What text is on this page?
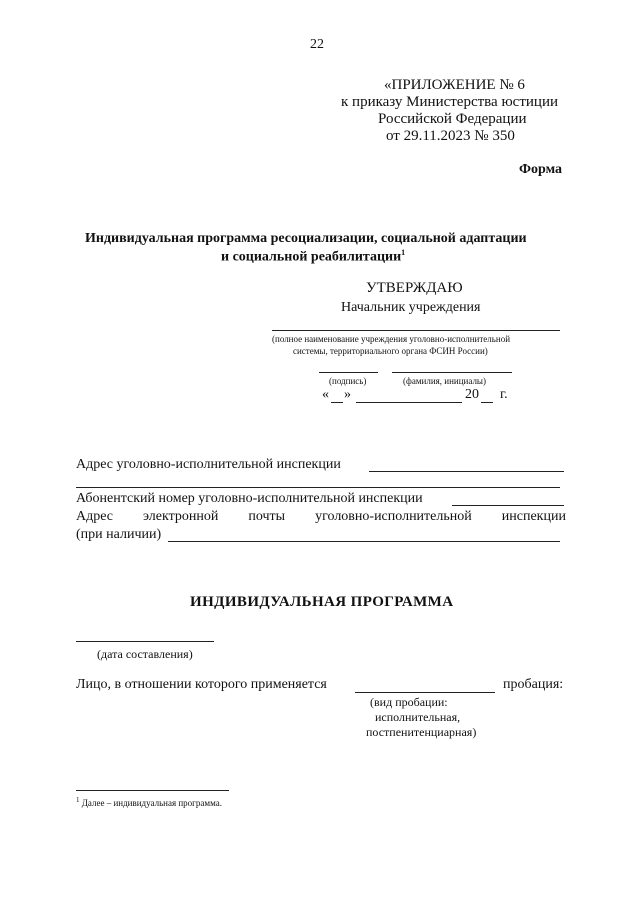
22
«ПРИЛОЖЕНИЕ № 6
к приказу Министерства юстиции
Российской Федерации
от 29.11.2023 № 350
Форма
Индивидуальная программа ресоциализации, социальной адаптации
и социальной реабилитации$^1$
УТВЕРЖДАЮ
Начальник учреждения
(полное наименование учреждения уголовно-исполнительной
системы, территориального органа ФСИН России)
(подпись)	(фамилия, инициалы)
« »	20 г.
Адрес уголовно-исполнительной инспекции
Абонентский номер уголовно-исполнительной инспекции
Адрес электронной почты уголовно-исполнительной инспекции
(при наличии)
ИНДИВИДУАЛЬНАЯ ПРОГРАММА
(дата составления)
Лицо, в отношении которого применяется	пробация:
(вид пробации:
исполнительная,
постпенитенциарная)
$^1$ Далее – индивидуальная программа.
